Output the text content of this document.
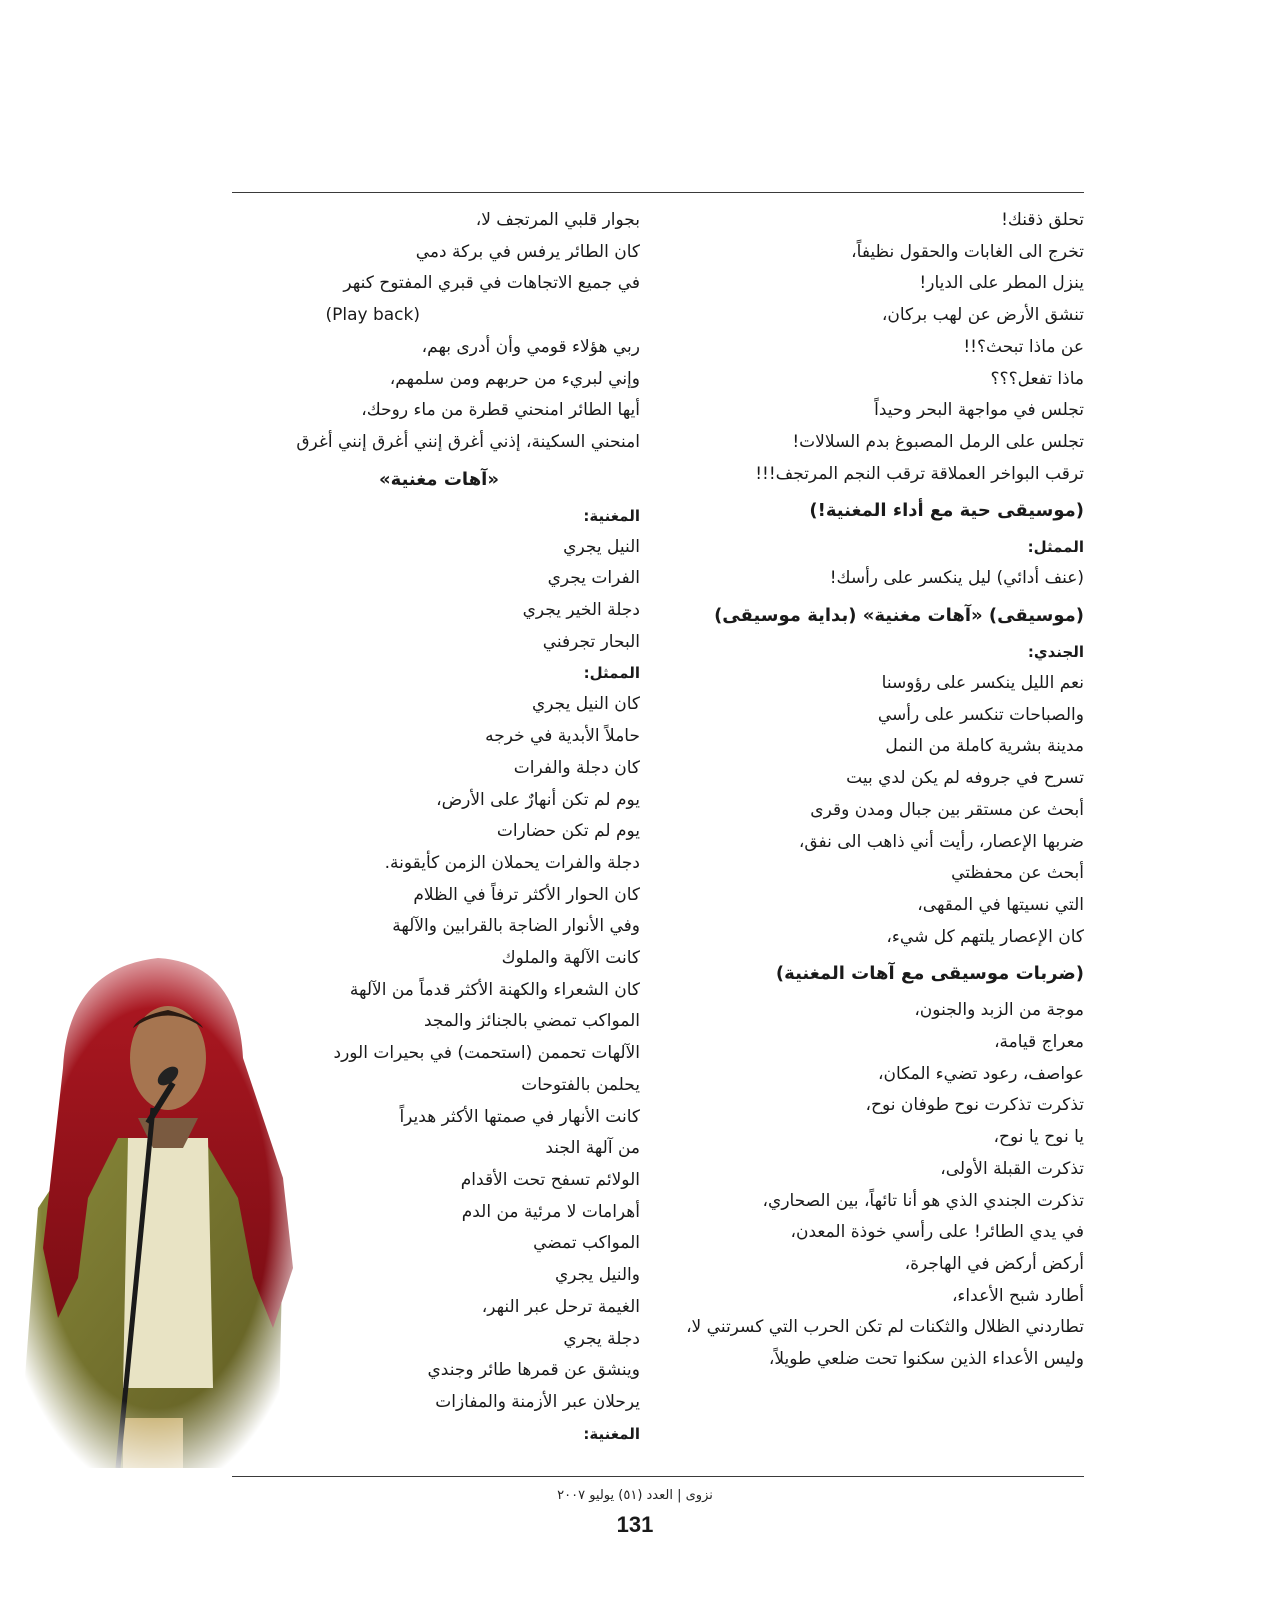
تحلق ذقنك!
تخرج الى الغابات والحقول نظيفاً،
ينزل المطر على الديار!
تنشق الأرض عن لهب بركان،
عن ماذا تبحث؟!!
ماذا تفعل؟؟؟
تجلس في مواجهة البحر وحيداً
تجلس على الرمل المصبوغ بدم السلالات!
ترقب البواخر العملاقة ترقب النجم المرتجف!!!
(موسيقى حية مع أداء المغنية!)
الممثل:
(عنف أدائي) ليل ينكسر على رأسك!
(موسيقى) «آهات مغنية» (بداية موسيقى)
الجندي:
نعم الليل ينكسر على رؤوسنا
والصباحات تنكسر على رأسي
مدينة بشرية كاملة من النمل
تسرح في جروفه لم يكن لدي بيت
أبحث عن مستقر بين جبال ومدن وقرى
ضربها الإعصار، رأيت أني ذاهب الى نفق،
أبحث عن محفظتي
التي نسيتها في المقهى،
كان الإعصار يلتهم كل شيء،
(ضربات موسيقى مع آهات المغنية)
موجة من الزبد والجنون،
معراج قيامة،
عواصف، رعود تضيء المكان،
تذكرت تذكرت نوح طوفان نوح،
يا نوح يا نوح،
تذكرت القبلة الأولى،
تذكرت الجندي الذي هو أنا تائهاً، بين الصحاري،
في يدي الطائر! على رأسي خوذة المعدن،
أركض أركض في الهاجرة،
أطارد شبح الأعداء،
تطاردني الظلال والثكنات لم تكن الحرب التي كسرتني لا،
وليس الأعداء الذين سكنوا تحت ضلعي طويلاً،
بجوار قلبي المرتجف لا،
كان الطائر يرفس في بركة دمي
في جميع الاتجاهات في قبري المفتوح كنهر
(Play back)
ربي هؤلاء قومي وأن أدرى بهم،
وإني لبريء من حربهم ومن سلمهم،
أيها الطائر امنحني قطرة من ماء روحك،
امنحني السكينة، إذني أغرق إنني أغرق إنني أغرق
«آهات مغنية»
المغنية:
النيل يجري
الفرات يجري
دجلة الخير يجري
البحار تجرفني
الممثل:
كان النيل يجري
حاملاً الأبدية في خرجه
كان دجلة والفرات
يوم لم تكن أنهارٌ على الأرض،
يوم لم تكن حضارات
دجلة والفرات يحملان الزمن كأيقونة.
كان الحوار الأكثر ترفاً في الظلام
وفي الأنوار الضاجة بالقرابين والآلهة
كانت الآلهة والملوك
كان الشعراء والكهنة الأكثر قدماً من الآلهة
المواكب تمضي بالجنائز والمجد
الآلهات تحممن (استحمت) في بحيرات الورد
يحلمن بالفتوحات
كانت الأنهار في صمتها الأكثر هديراً
من آلهة الجند
الولائم تسفح تحت الأقدام
أهرامات لا مرئية من الدم
المواكب تمضي
والنيل يجري
الغيمة ترحل عبر النهر،
دجلة يجري
وينشق عن قمرها طائر وجندي
يرحلان عبر الأزمنة والمفازات
المغنية:
نزوى | العدد (٥١) يوليو ٢٠٠٧
131
